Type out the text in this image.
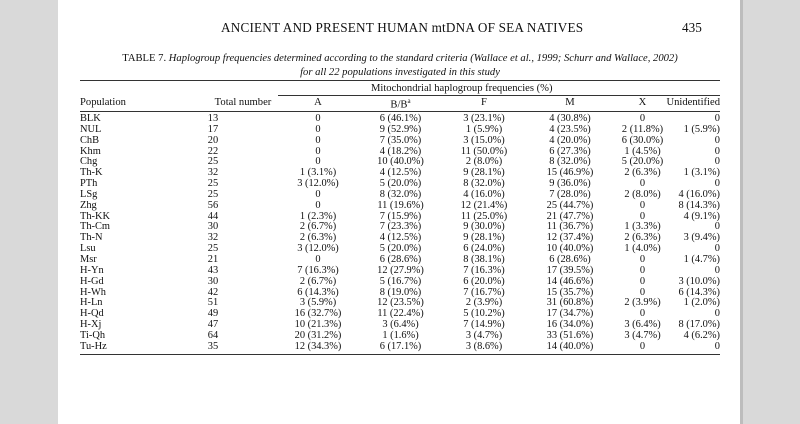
ANCIENT AND PRESENT HUMAN mtDNA OF SEA NATIVES	435
TABLE 7. Haplogroup frequencies determined according to the standard criteria (Wallace et al., 1999; Schurr and Wallace, 2002)
for all 22 populations investigated in this study
Mitochondrial haplogroup frequencies (%)
Population	Total number	A	$B/B^a$	F	M	X	Unidentified
BLK	13	0	6 (46.1%)	3 (23.1%)	4 (30.8%)	0	0
NUL	17	0	9 (52.9%)	1 (5.9%)	4 (23.5%)	2 (11.8%)	1 (5.9%)
ChB	20	0	7 (35.0%)	3 (15.0%)	4 (20.0%)	6 (30.0%)	0
Khm	22	0	4 (18.2%)	11 (50.0%)	6 (27.3%)	1 (4.5%)	0
Chg	25	0	10 (40.0%)	2 (8.0%)	8 (32.0%)	5 (20.0%)	0
Th-K	32	1 (3.1%)	4 (12.5%)	9 (28.1%)	15 (46.9%)	2 (6.3%)	1 (3.1%)
PTh	25	3 (12.0%)	5 (20.0%)	8 (32.0%)	9 (36.0%)	0	0
LSg	25	0	8 (32.0%)	4 (16.0%)	7 (28.0%)	2 (8.0%)	4 (16.0%)
Zhg	56	0	11 (19.6%)	12 (21.4%)	25 (44.7%)	0	8 (14.3%)
Th-KK	44	1 (2.3%)	7 (15.9%)	11 (25.0%)	21 (47.7%)	0	4 (9.1%)
Th-Cm	30	2 (6.7%)	7 (23.3%)	9 (30.0%)	11 (36.7%)	1 (3.3%)	0
Th-N	32	2 (6.3%)	4 (12.5%)	9 (28.1%)	12 (37.4%)	2 (6.3%)	3 (9.4%)
Lsu	25	3 (12.0%)	5 (20.0%)	6 (24.0%)	10 (40.0%)	1 (4.0%)	0
Msr	21	0	6 (28.6%)	8 (38.1%)	6 (28.6%)	0	1 (4.7%)
H-Yn	43	7 (16.3%)	12 (27.9%)	7 (16.3%)	17 (39.5%)	0	0
H-Gd	30	2 (6.7%)	5 (16.7%)	6 (20.0%)	14 (46.6%)	0	3 (10.0%)
H-Wh	42	6 (14.3%)	8 (19.0%)	7 (16.7%)	15 (35.7%)	0	6 (14.3%)
H-Ln	51	3 (5.9%)	12 (23.5%)	2 (3.9%)	31 (60.8%)	2 (3.9%)	1 (2.0%)
H-Qd	49	16 (32.7%)	11 (22.4%)	5 (10.2%)	17 (34.7%)	0	0
H-Xj	47	10 (21.3%)	3 (6.4%)	7 (14.9%)	16 (34.0%)	3 (6.4%)	8 (17.0%)
Ti-Qh	64	20 (31.2%)	1 (1.6%)	3 (4.7%)	33 (51.6%)	3 (4.7%)	4 (6.2%)
Tu-Hz	35	12 (34.3%)	6 (17.1%)	3 (8.6%)	14 (40.0%)	0	0
